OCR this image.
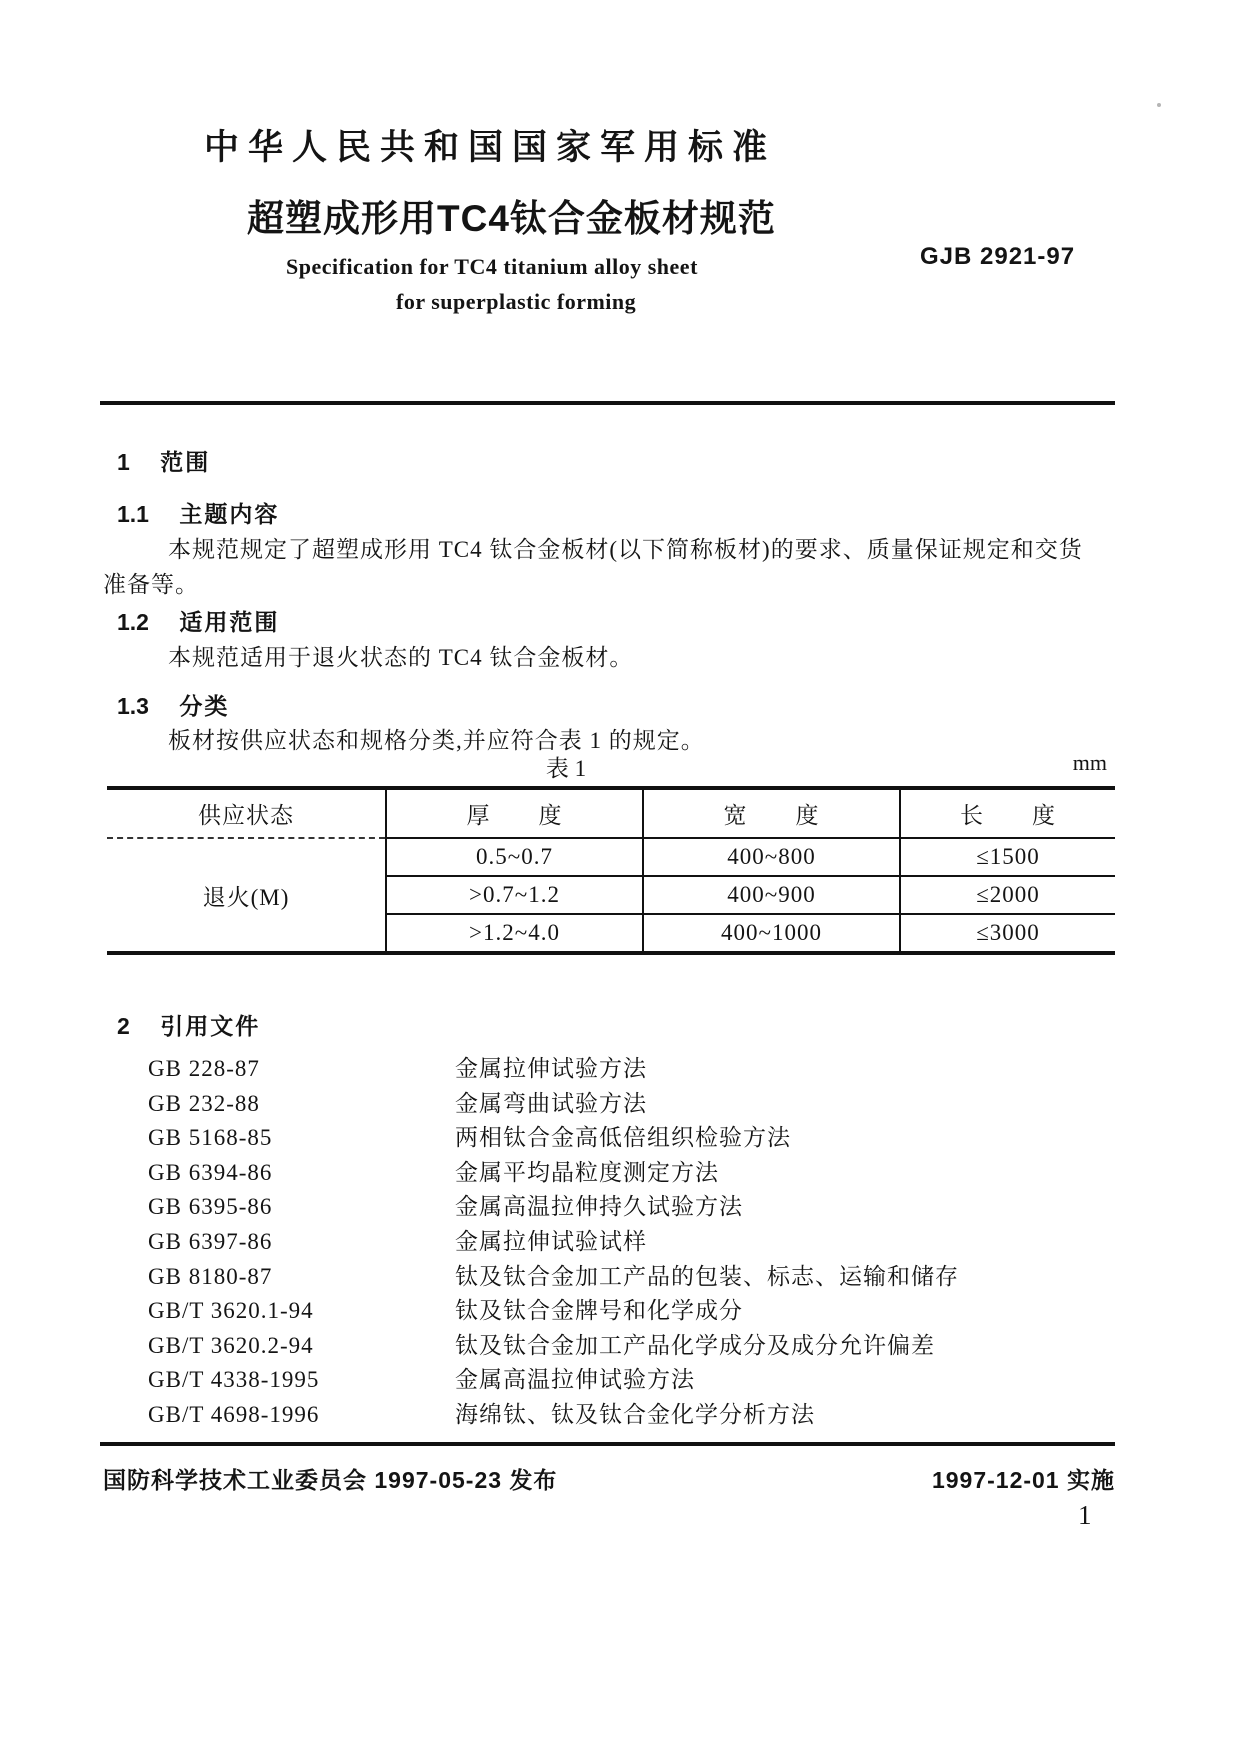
中华人民共和国国家军用标准
超塑成形用TC4钛合金板材规范
Specification for TC4 titanium alloy sheet	GJB 2921-97
for superplastic forming
1 范围
1.1 主题内容
本规范规定了超塑成形用 TC4 钛合金板材(以下简称板材)的要求、质量保证规定和交货
准备等。
1.2 适用范围
本规范适用于退火状态的 TC4 钛合金板材。
1.3 分类
板材按供应状态和规格分类,并应符合表 1 的规定。
表 1	mm
供应状态	厚　　度	宽　　度	长　　度
退火(M)	0.5~0.7	400~800	≤1500
	>0.7~1.2	400~900	≤2000
	>1.2~4.0	400~1000	≤3000
2 引用文件
GB 228-87	金属拉伸试验方法
GB 232-88	金属弯曲试验方法
GB 5168-85	两相钛合金高低倍组织检验方法
GB 6394-86	金属平均晶粒度测定方法
GB 6395-86	金属高温拉伸持久试验方法
GB 6397-86	金属拉伸试验试样
GB 8180-87	钛及钛合金加工产品的包装、标志、运输和储存
GB/T 3620.1-94	钛及钛合金牌号和化学成分
GB/T 3620.2-94	钛及钛合金加工产品化学成分及成分允许偏差
GB/T 4338-1995	金属高温拉伸试验方法
GB/T 4698-1996	海绵钛、钛及钛合金化学分析方法
国防科学技术工业委员会 1997-05-23 发布	1997-12-01 实施
1
